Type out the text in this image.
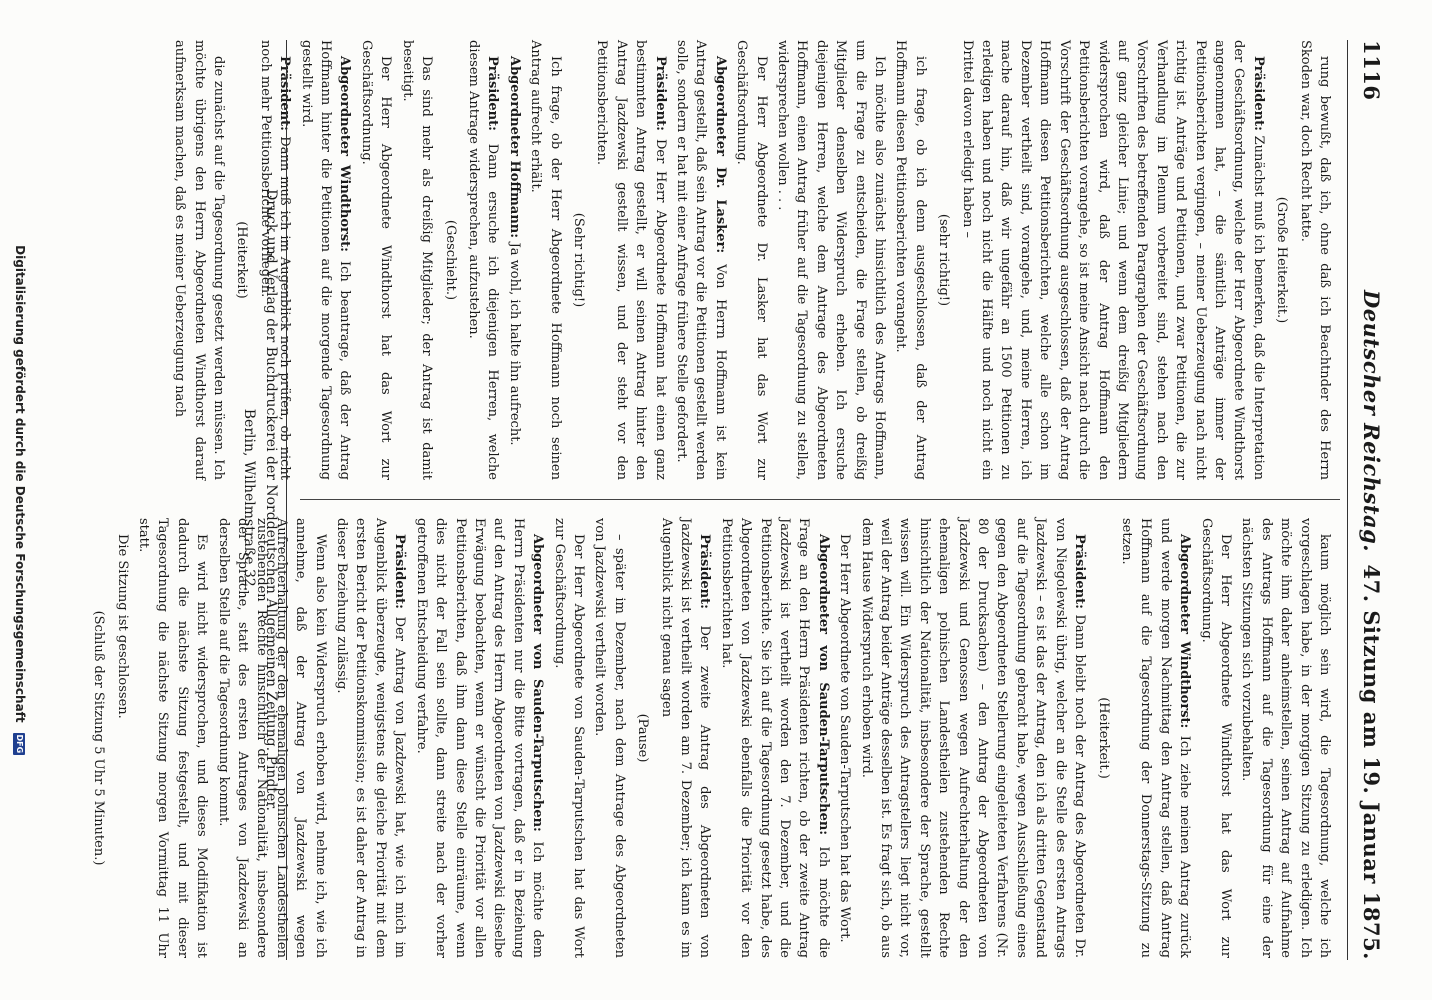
1116
Deutscher Reichstag.
47. Sitzung am 19. Januar 1875.

rung bewußt, daß ich, ohne daß ich Beachtnder des Herrn Skoden war, doch Recht hatte.

(Große Heiterkeit.)

Präsident: Zunächst muß ich bemerken, daß die Interpretation der Geschäftsordnung, welche der Herr Abgeordnete Windthorst angenommen hat, – die sämtlich Anträge immer der Petitionsberichten vergingen, – meiner Ueberzeugung nach nicht richtig ist. Anträge und Petitionen, und zwar Petitionen, die zur Verhandlung im Plenum vorbereitet sind, stehen nach den Vorschriften des betreffenden Paragraphen der Geschäftsordnung auf ganz gleicher Linie; und wenn dem dreißig Mitgliedern widersprochen wird, daß der Antrag Hoffmann den Petitionsberichten vorangehe, so ist meine Ansicht nach durch die Vorschrift der Geschäftsordnung ausgeschlossen, daß der Antrag Hoffmann diesen Petitionsberichten, welche alle schon im Dezember vertheilt sind, vorangehe, und, meine Herren, ich mache darauf hin, daß wir ungefähr an 1500 Petitionen zu erledigen haben und noch nicht die Hälfte und noch nicht ein Drittel davon erledigt haben –

(sehr richtig!)

ich frage, ob ich denn ausgeschlossen, daß der Antrag Hoffmann diesen Petitionsberichten vorangeht.

Ich möchte also zunächst hinsichtlich des Antrags Hoffmann, um die Frage zu entscheiden, die Frage stellen, ob dreißig Mitglieder denselben Widerspruch erheben. Ich ersuche diejenigen Herren, welche dem Antrage des Abgeordneten Hoffmann, einen Antrag früher auf die Tagesordnung zu stellen, widersprechen wollen . . .

Der Herr Abgeordnete Dr. Lasker hat das Wort zur Geschäftsordnung.

Abgeordneter Dr. Lasker: Von Herrn Hoffmann ist kein Antrag gestellt, daß sein Antrag vor die Petitionen gestellt werden solle, sondern er hat mit einer Anfrage frühere Stelle gefordert.

Präsident: Der Herr Abgeordnete Hoffmann hat einen ganz bestimmten Antrag gestellt, er will seinen Antrag hinter den Antrag Jazdzewski gestellt wissen, und der steht vor den Petitionsberichten.

(Sehr richtig!)

Ich frage, ob der Herr Abgeordnete Hoffmann noch seinen Antrag aufrecht erhält.

Abgeordneter Hoffmann: Ja wohl, ich halte ihn aufrecht.

Präsident: Dann ersuche ich diejenigen Herren, welche diesem Antrage widersprechen, aufzustehen.

(Geschieht.)

Das sind mehr als dreißig Mitglieder; der Antrag ist damit beseitigt.

Der Herr Abgeordnete Windthorst hat das Wort zur Geschäftsordnung.

Abgeordneter Windthorst: Ich beantrage, daß der Antrag Hoffmann hinter die Petitionen auf die morgende Tagesordnung gestellt wird.

Präsident: Dann muß ich im Augenblick noch prüfen, ob nicht noch mehr Petitionsberichte vorliegen.

(Heiterkeit)

die zunächst auf die Tagesordnung gesetzt werden müssen. Ich möchte übrigens den Herrn Abgeordneten Windthorst darauf aufmerksam machen, daß es meiner Ueberzeugung nach

kaum möglich sein wird, die Tagesordnung, welche ich vorgeschlagen habe, in der morgigen Sitzung zu erledigen. Ich möchte ihm daher anheimstellen, seinen Antrag auf Aufnahme des Antrags Hoffmann auf die Tagesordnung für eine der nächsten Sitzungen sich vorzubehalten.

Der Herr Abgeordnete Windthorst hat das Wort zur Geschäftsordnung.

Abgeordneter Windthorst: Ich ziehe meinen Antrag zurück und werde morgen Nachmittag den Antrag stellen, daß Antrag Hoffmann auf die Tagesordnung der Donnerstags-Sitzung zu setzen.

(Heiterkeit.)

Präsident: Dann bleibt noch der Antrag des Abgeordneten Dr. von Niegolewski übrig, welcher an die Stelle des ersten Antrags Jazdzewski – es ist das der Antrag, den ich als dritten Gegenstand auf die Tagesordnung gebracht habe, wegen Ausschließung eines gegen den Abgeordneten Stellerung eingeleiteten Verfahrens (Nr. 80 der Drucksachen) – den Antrag der Abgeordneten von Jazdzewski und Genossen wegen Aufrechterhaltung der den ehemaligen polnischen Landestheilen zustehenden Rechte hinsichtlich der Nationalität, insbesondere der Sprache, gestellt wissen will. Ein Widerspruch des Antragstellers liegt nicht vor, weil der Antrag beider Anträge desselben ist. Es fragt sich, ob aus dem Hause Widerspruch erhoben wird.

Der Herr Abgeordnete von Sauden-Tarputschen hat das Wort.

Abgeordneter von Sauden-Tarputschen: Ich möchte die Frage an den Herrn Präsidenten richten, ob der zweite Antrag Jazdzewski ist vertheilt worden den 7. Dezember, und die Petitionsberichte. Sie ich auf die Tagesordnung gesetzt habe, des Abgeordneten von Jazdzewski ebenfalls die Priorität vor den Petitionsberichten hat.

Präsident: Der zweite Antrag des Abgeordneten von Jazdzewski ist vertheilt worden am 7. Dezember; ich kann es im Augenblick nicht genau sagen

(Pause)

– später im Dezember, nach dem Antrage des Abgeordneten von Jazdzewski vertheilt worden.

Der Herr Abgeordnete von Sauden-Tarputschen hat das Wort zur Geschäftsordnung.

Abgeordneter von Sauden-Tarputschen: Ich möchte dem Herrn Präsidenten nur die Bitte vortragen, daß er in Beziehung auf den Antrag des Herrn Abgeordneten von Jazdzewski dieselbe Erwägung beobachten, wenn er wünscht die Priorität vor allen Petitionsberichten, daß ihm dann diese Stelle einräume, wenn dies nicht der Fall sein sollte, dann streite nach der vorher getroffenen Entscheidung verfahre.

Präsident: Der Antrag von Jazdzewski hat, wie ich mich im Augenblick überzeugte, wenigstens die gleiche Priorität mit dem ersten Bericht der Petitionskommission; es ist daher der Antrag in dieser Beziehung zulässig.

Wenn also kein Widerspruch erhoben wird, nehme ich, wie ich annehme, daß der Antrag von Jazdzewski wegen Aufrechterhaltung der den ehemaligen polnischen Landestheilen zustehenden Rechte hinsichtlich der Nationalität, insbesondere der Sprache, statt des ersten Antrages von Jazdzewski an derselben Stelle auf die Tagesordnung kommt.

Es wird nicht widersprochen, und dieses Modifikation ist dadurch die nächste Sitzung festgestellt, und mit dieser Tagesordnung die nächste Sitzung morgen Vormittag 11 Uhr statt.

Die Sitzung ist geschlossen.

(Schluß der Sitzung 5 Uhr 5 Minuten.)	Druck und Verlag der Buchdruckerei der Norddeutschen Allgemeinen Zeitung. Pindter.
Berlin, Wilhelmstraße 32.
Digitalisierung gefördert durch die Deutsche Forschungsgemeinschaft DFG
